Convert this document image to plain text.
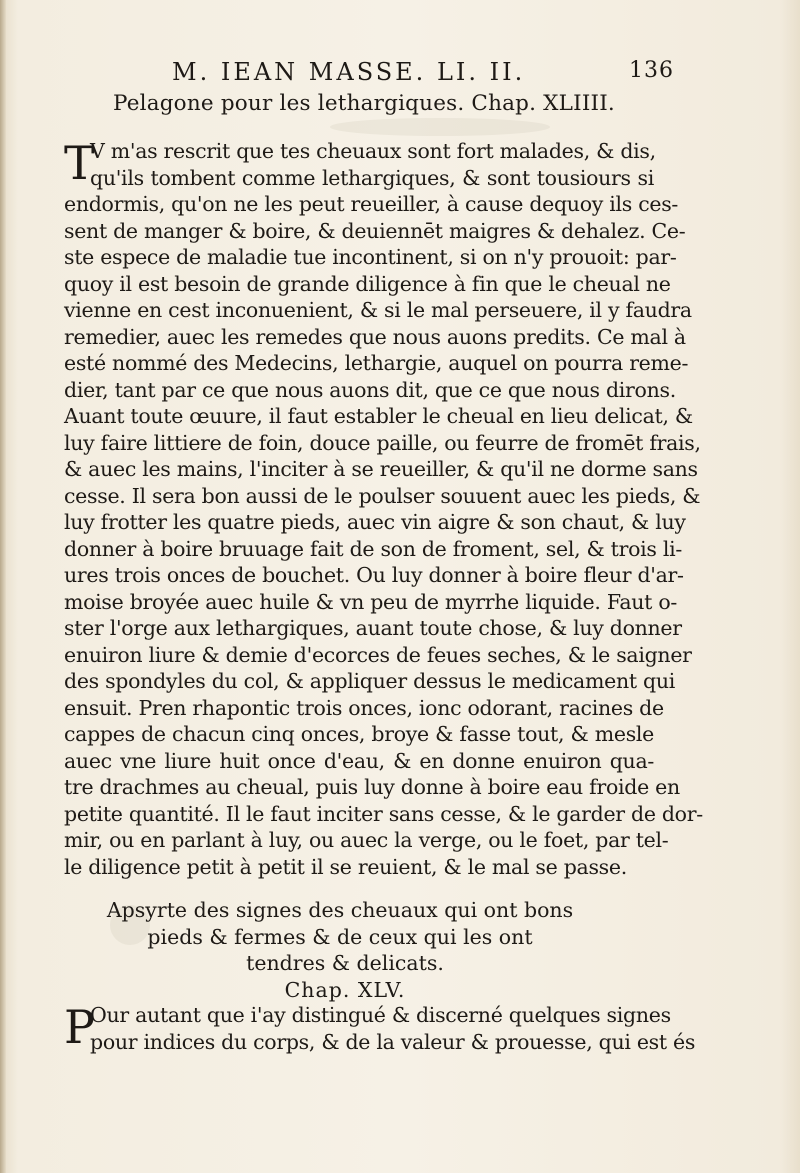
M. IEAN MASSE. LI. II.	136
Pelagone pour les lethargiques. Chap. XLIIII.
T
V m'as rescrit que tes cheuaux sont fort malades, & dis,
qu'ils tombent comme lethargiques, & sont tousiours si
endormis, qu'on ne les peut reueiller, à cause dequoy ils ces-
sent de manger & boire, & deuiennēt maigres & dehalez. Ce-
ste espece de maladie tue incontinent, si on n'y prouoit: par-
quoy il est besoin de grande diligence à fin que le cheual ne
vienne en cest inconuenient, & si le mal perseuere, il y faudra
remedier, auec les remedes que nous auons predits. Ce mal à
esté nommé des Medecins, lethargie, auquel on pourra reme-
dier, tant par ce que nous auons dit, que ce que nous dirons.
Auant toute œuure, il faut establer le cheual en lieu delicat, &
luy faire littiere de foin, douce paille, ou feurre de fromēt frais,
& auec les mains, l'inciter à se reueiller, & qu'il ne dorme sans
cesse. Il sera bon aussi de le poulser souuent auec les pieds, &
luy frotter les quatre pieds, auec vin aigre & son chaut, & luy
donner à boire bruuage fait de son de froment, sel, & trois li-
ures trois onces de bouchet. Ou luy donner à boire fleur d'ar-
moise broyée auec huile & vn peu de myrrhe liquide. Faut o-
ster l'orge aux lethargiques, auant toute chose, & luy donner
enuiron liure & demie d'ecorces de feues seches, & le saigner
des spondyles du col, & appliquer dessus le medicament qui
ensuit. Pren rhapontic trois onces, ionc odorant, racines de
cappes de chacun cinq onces, broye & fasse tout, & mesle
auec vne liure huit once d'eau, & en donne enuiron qua-
tre drachmes au cheual, puis luy donne à boire eau froide en
petite quantité. Il le faut inciter sans cesse, & le garder de dor-
mir, ou en parlant à luy, ou auec la verge, ou le foet, par tel-
le diligence petit à petit il se reuient, & le mal se passe.
Apsyrte des signes des cheuaux qui ont bons
pieds & fermes & de ceux qui les ont
tendres & delicats.
Chap. XLV.
P
Our autant que i'ay distingué & discerné quelques signes
pour indices du corps, & de la valeur & prouesse, qui est és
